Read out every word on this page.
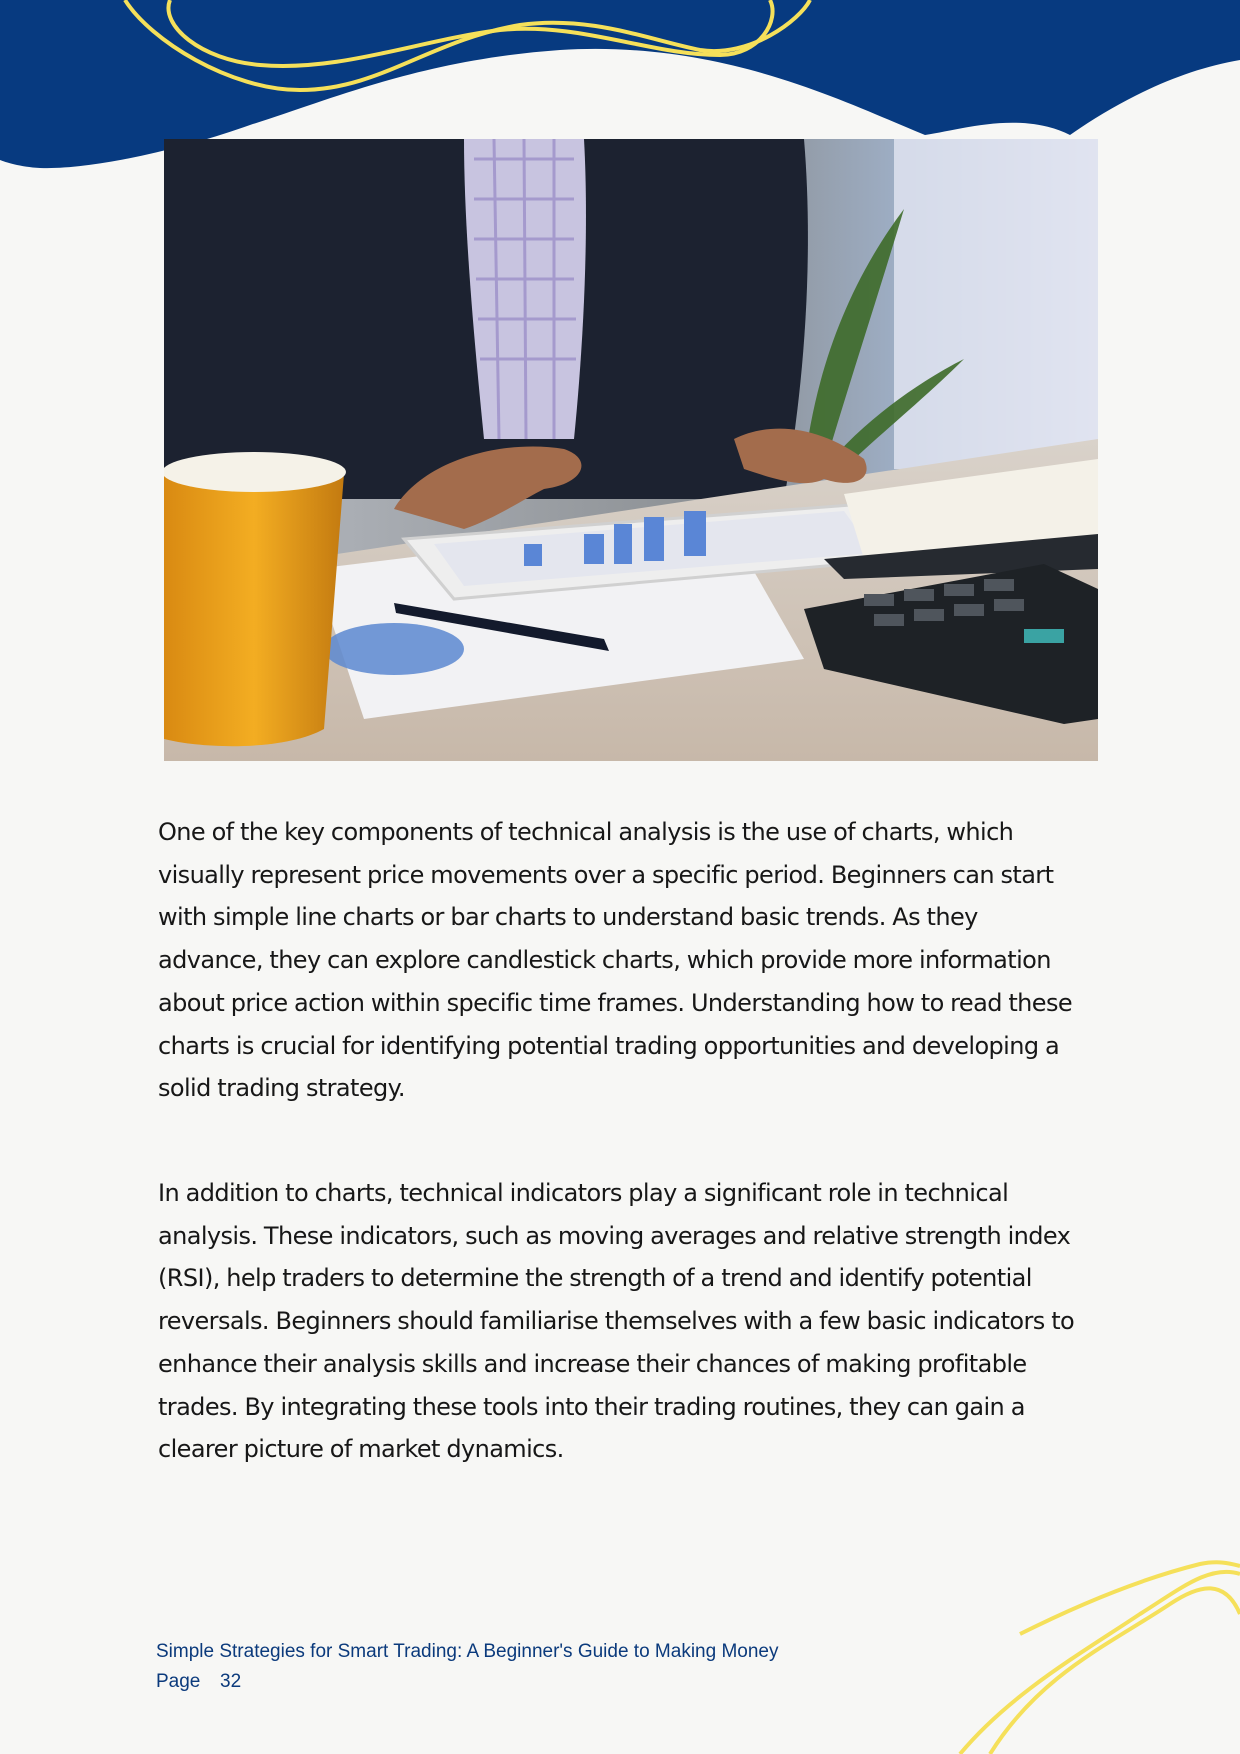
One of the key components of technical analysis is the use of charts, which visually represent price movements over a specific period. Beginners can start with simple line charts or bar charts to understand basic trends. As they advance, they can explore candlestick charts, which provide more information about price action within specific time frames. Understanding how to read these charts is crucial for identifying potential trading opportunities and developing a solid trading strategy.

In addition to charts, technical indicators play a significant role in technical analysis. These indicators, such as moving averages and relative strength index (RSI), help traders to determine the strength of a trend and identify potential reversals. Beginners should familiarise themselves with a few basic indicators to enhance their analysis skills and increase their chances of making profitable trades. By integrating these tools into their trading routines, they can gain a clearer picture of market dynamics.

Simple Strategies for Smart Trading: A Beginner's Guide to Making Money
Page 32
